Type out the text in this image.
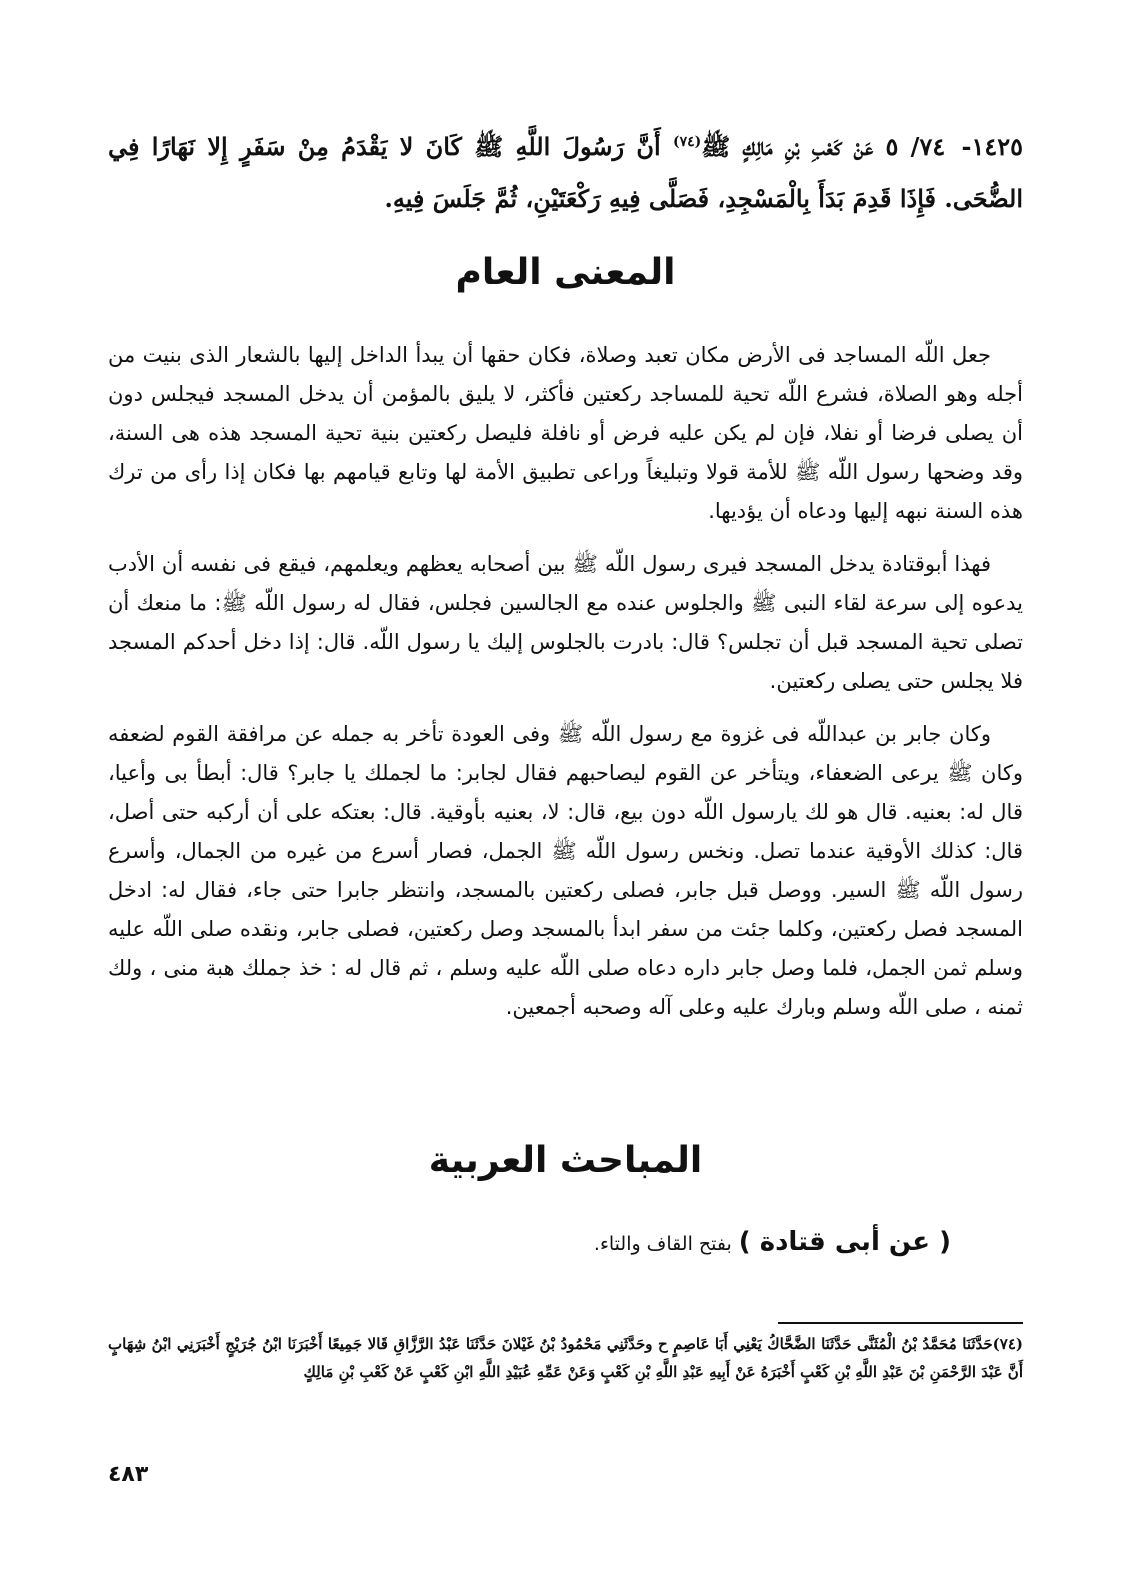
١٤٢٥- ٧٤/ ٥ عَنْ كَعْبِ بْنِ مَالِكٍ ﷺ$^{(٧٤)}$ أَنَّ رَسُولَ اللَّهِ ﷺ كَانَ لا يَقْدَمُ مِنْ سَفَرٍ إِلا نَهَارًا فِي الضُّحَى. فَإِذَا قَدِمَ بَدَأَ بِالْمَسْجِدِ، فَصَلَّى فِيهِ رَكْعَتَيْنِ، ثُمَّ جَلَسَ فِيهِ.
المعنى العام

جعل اللّه المساجد فى الأرض مكان تعبد وصلاة، فكان حقها أن يبدأ الداخل إليها بالشعار الذى بنيت من أجله وهو الصلاة، فشرع اللّه تحية للمساجد ركعتين فأكثر، لا يليق بالمؤمن أن يدخل المسجد فيجلس دون أن يصلى فرضا أو نفلا، فإن لم يكن عليه فرض أو نافلة فليصل ركعتين بنية تحية المسجد هذه هى السنة، وقد وضحها رسول اللّه ﷺ للأمة قولا وتبليغاً وراعى تطبيق الأمة لها وتابع قيامهم بها فكان إذا رأى من ترك هذه السنة نبهه إليها ودعاه أن يؤديها.

فهذا أبوقتادة يدخل المسجد فيرى رسول اللّه ﷺ بين أصحابه يعظهم ويعلمهم، فيقع فى نفسه أن الأدب يدعوه إلى سرعة لقاء النبى ﷺ والجلوس عنده مع الجالسين فجلس، فقال له رسول اللّه ﷺ: ما منعك أن تصلى تحية المسجد قبل أن تجلس؟ قال: بادرت بالجلوس إليك يا رسول اللّه. قال: إذا دخل أحدكم المسجد فلا يجلس حتى يصلى ركعتين.

وكان جابر بن عبداللّه فى غزوة مع رسول اللّه ﷺ وفى العودة تأخر به جمله عن مرافقة القوم لضعفه وكان ﷺ يرعى الضعفاء، ويتأخر عن القوم ليصاحبهم فقال لجابر: ما لجملك يا جابر؟ قال: أبطأ بى وأعيا، قال له: بعنيه. قال هو لك يارسول اللّه دون بيع، قال: لا، بعنيه بأوقية. قال: بعتكه على أن أركبه حتى أصل، قال: كذلك الأوقية عندما تصل. ونخس رسول اللّه ﷺ الجمل، فصار أسرع من غيره من الجمال، وأسرع رسول اللّه ﷺ السير. ووصل قبل جابر، فصلى ركعتين بالمسجد، وانتظر جابرا حتى جاء، فقال له: ادخل المسجد فصل ركعتين، وكلما جئت من سفر ابدأ بالمسجد وصل ركعتين، فصلى جابر، ونقده صلى اللّه عليه وسلم ثمن الجمل، فلما وصل جابر داره دعاه صلى اللّه عليه وسلم ، ثم قال له : خذ جملك هبة منى ، ولك ثمنه ، صلى اللّه وسلم وبارك عليه وعلى آله وصحبه أجمعين.

المباحث العربية
( عن أبى قتادة ) بفتح القاف والتاء.
(٧٤)حَدَّثَنَا مُحَمَّدُ بْنُ الْمُثَنَّى حَدَّثَنَا الضَّحَّاكُ يَعْنِي أَبَا عَاصِمٍ ح وحَدَّثَنِي مَحْمُودُ بْنُ غَيْلانَ حَدَّثَنَا عَبْدُ الرَّزَّاقِ قَالا جَمِيعًا أَخْبَرَنَا ابْنُ جُرَيْجٍ أَخْبَرَنِي ابْنُ شِهَابٍ أَنَّ عَبْدَ الرَّحْمَنِ بْنَ عَبْدِ اللَّهِ بْنِ كَعْبٍ أَخْبَرَهُ عَنْ أَبِيهِ عَبْدِ اللَّهِ بْنِ كَعْبٍ وَعَنْ عَمِّهِ عُبَيْدِ اللَّهِ ابْنِ كَعْبٍ عَنْ كَعْبِ بْنِ مَالِكٍ
٤٨٣
